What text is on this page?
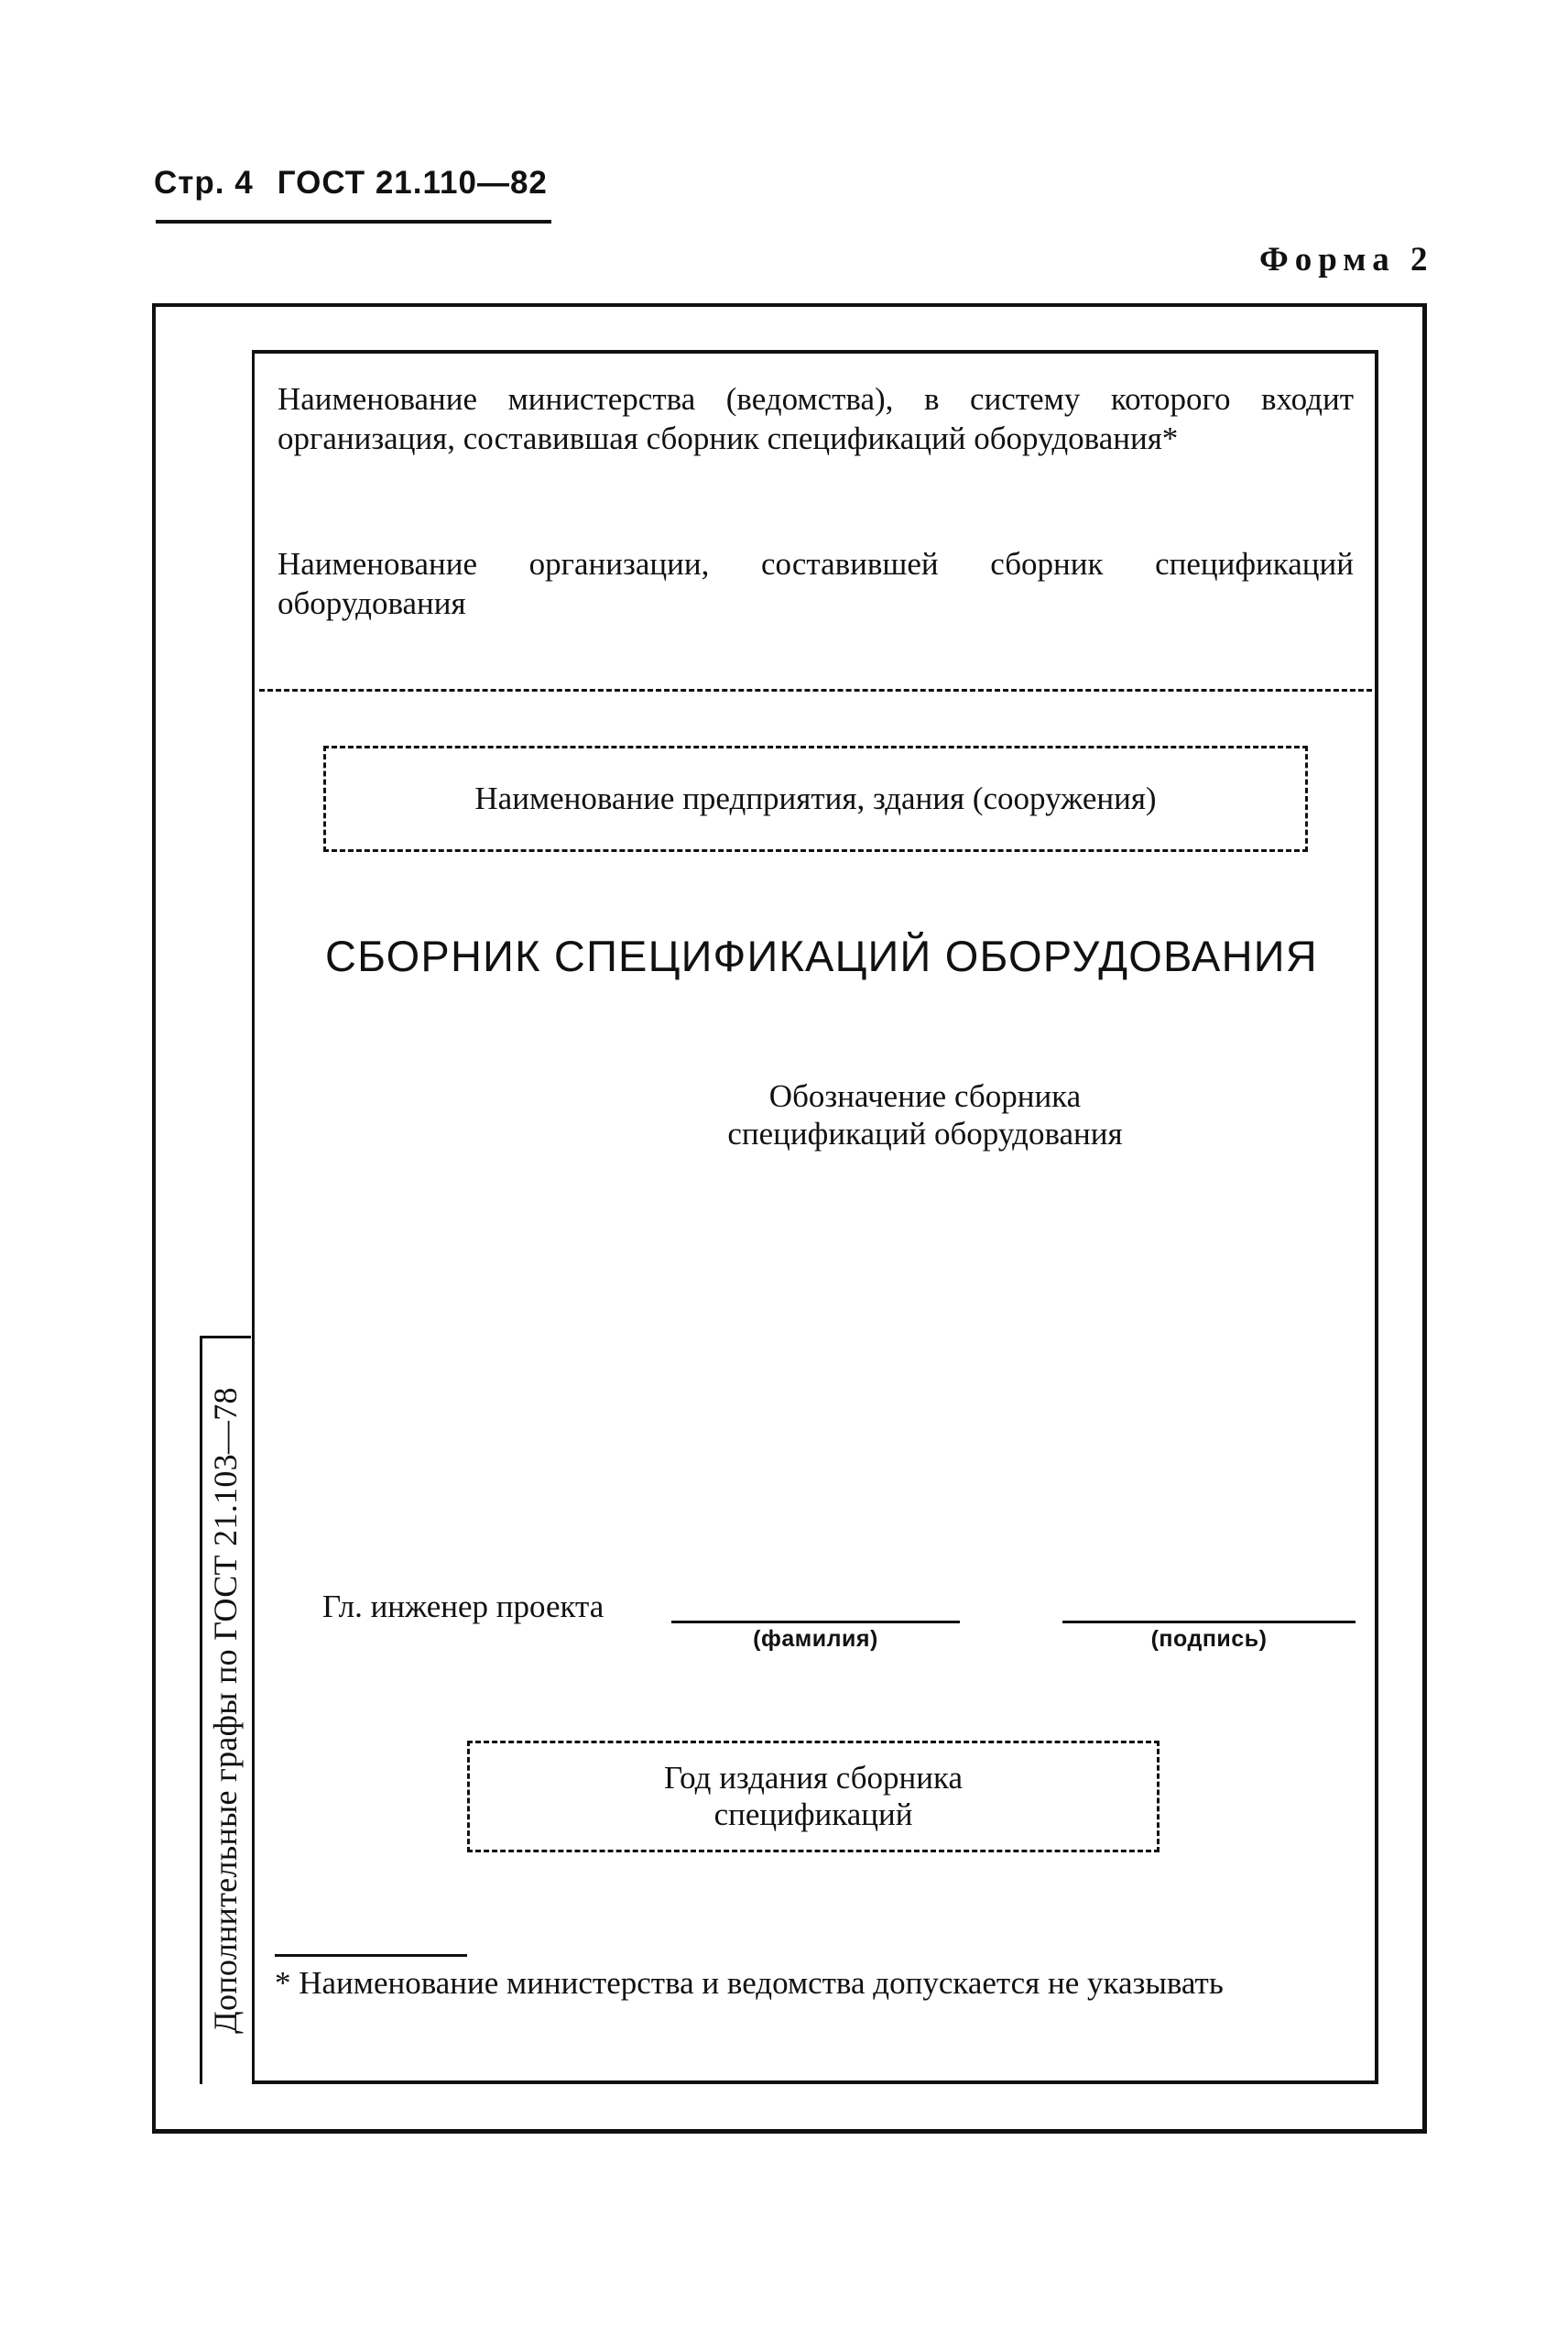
Стр. 4 ГОСТ 21.110—82
Форма 2
Дополнительные графы по ГОСТ 21.103—78
Наименование министерства (ведомства), в систему которого входит организация, составившая сборник спецификаций оборудования*
Наименование организации, составившей сборник спецификаций оборудования
Наименование предприятия, здания (сооружения)
СБОРНИК СПЕЦИФИКАЦИЙ ОБОРУДОВАНИЯ
Обозначение сборника
спецификаций оборудования
Гл. инженер проекта
(фамилия)	(подпись)
Год издания сборника
спецификаций
* Наименование министерства и ведомства допускается не указывать
